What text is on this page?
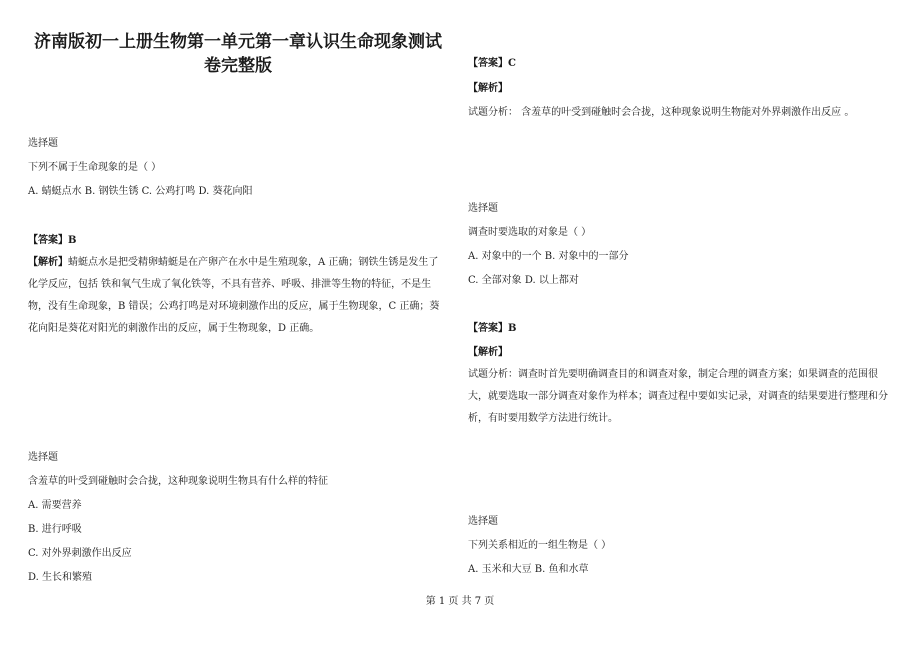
济南版初一上册生物第一单元第一章认识生命现象测试卷完整版
选择题
下列不属于生命现象的是（ ）
A. 蜻蜓点水 B. 钢铁生锈 C. 公鸡打鸣 D. 葵花向阳
【答案】B
【解析】蜻蜓点水是把受精卵蜻蜓是在产卵产在水中是生殖现象，A 正确；钢铁生锈是发生了化学反应，包括 铁和氧气生成了氧化铁等，不具有营养、呼吸、排泄等生物的特征，不是生物，没有生命现象，B 错误；公鸡打鸣是对环境刺激作出的反应，属于生物现象，C 正确；葵花向阳是葵花对阳光的刺激作出的反应，属于生物现象，D 正确。
选择题
含羞草的叶受到碰触时会合拢，这种现象说明生物具有什么样的特征
A. 需要营养
B. 进行呼吸
C. 对外界刺激作出反应
D. 生长和繁殖
【答案】C
【解析】
试题分析： 含羞草的叶受到碰触时会合拢，这种现象说明生物能对外界刺激作出反应 。
选择题
调查时要选取的对象是（ ）
A. 对象中的一个 B. 对象中的一部分
C. 全部对象 D. 以上都对
【答案】B
【解析】
试题分析：调查时首先要明确调查目的和调查对象，制定合理的调查方案；如果调查的范围很大，就要选取一部分调查对象作为样本；调查过程中要如实记录，对调查的结果要进行整理和分析，有时要用数学方法进行统计。
选择题
下列关系相近的一组生物是（ ）
A. 玉米和大豆 B. 鱼和水草
第 1 页 共 7 页
